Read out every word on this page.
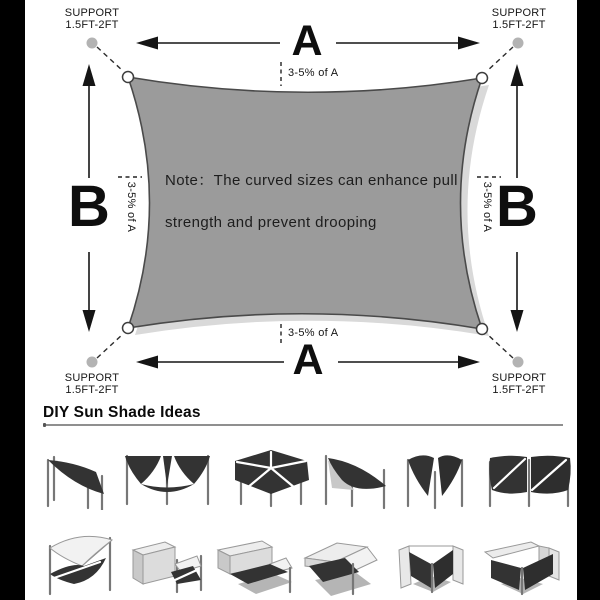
SUPPORT
1.5FT-2FT
SUPPORT
1.5FT-2FT
SUPPORT
1.5FT-2FT
SUPPORT
1.5FT-2FT
A
A
B	B
3-5% of A
3-5% of A
3-5% of A	3-5% of A
Note：The curved sizes can enhance pull
strength and prevent drooping
DIY Sun Shade Ideas
